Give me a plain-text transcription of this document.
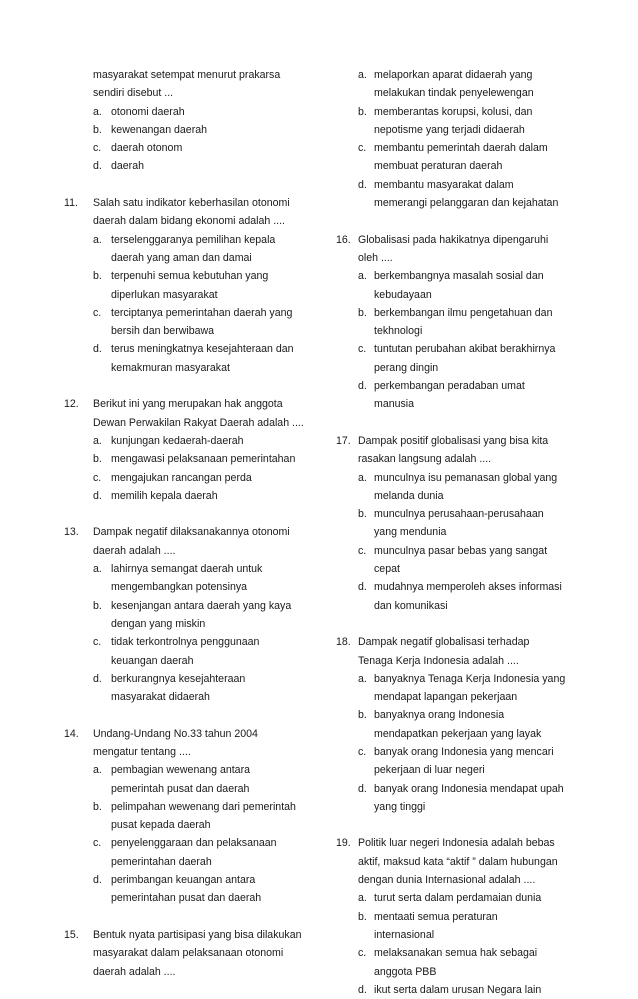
masyarakat setempat menurut prakarsa
sendiri disebut ...
a. otonomi daerah
b. kewenangan daerah
c. daerah otonom
d. daerah
11. Salah satu indikator keberhasilan otonomi
daerah dalam bidang ekonomi adalah ....
a. terselenggaranya pemilihan kepala
daerah yang aman dan damai
b. terpenuhi semua kebutuhan yang
diperlukan masyarakat
c. terciptanya pemerintahan daerah yang
bersih dan berwibawa
d. terus meningkatnya kesejahteraan dan
kemakmuran masyarakat
12. Berikut ini yang merupakan hak anggota
Dewan Perwakilan Rakyat Daerah adalah ....
a. kunjungan kedaerah-daerah
b. mengawasi pelaksanaan pemerintahan
c. mengajukan rancangan perda
d. memilih kepala daerah
13. Dampak negatif dilaksanakannya otonomi
daerah adalah ....
a. lahirnya semangat daerah untuk
mengembangkan potensinya
b. kesenjangan antara daerah yang kaya
dengan yang miskin
c. tidak terkontrolnya penggunaan
keuangan daerah
d. berkurangnya kesejahteraan
masyarakat didaerah
14. Undang-Undang No.33 tahun 2004
mengatur tentang ....
a. pembagian wewenang antara
pemerintah pusat dan daerah
b. pelimpahan wewenang dari pemerintah
pusat kepada daerah
c. penyelenggaraan dan pelaksanaan
pemerintahan daerah
d. perimbangan keuangan antara
pemerintahan pusat dan daerah
15. Bentuk nyata partisipasi yang bisa dilakukan
masyarakat dalam pelaksanaan otonomi
daerah adalah ....
a. melaporkan aparat didaerah yang
melakukan tindak penyelewengan
b. memberantas korupsi, kolusi, dan
nepotisme yang terjadi didaerah
c. membantu pemerintah daerah dalam
membuat peraturan daerah
d. membantu masyarakat dalam
memerangi pelanggaran dan kejahatan
16. Globalisasi pada hakikatnya dipengaruhi
oleh ....
a. berkembangnya masalah sosial dan
kebudayaan
b. berkembangan ilmu pengetahuan dan
tekhnologi
c. tuntutan perubahan akibat berakhirnya
perang dingin
d. perkembangan peradaban umat
manusia
17. Dampak positif globalisasi yang bisa kita
rasakan langsung adalah ....
a. munculnya isu pemanasan global yang
melanda dunia
b. munculnya perusahaan-perusahaan
yang mendunia
c. munculnya pasar bebas yang sangat
cepat
d. mudahnya memperoleh akses informasi
dan komunikasi
18. Dampak negatif globalisasi terhadap
Tenaga Kerja Indonesia adalah ....
a. banyaknya Tenaga Kerja Indonesia yang
mendapat lapangan pekerjaan
b. banyaknya orang Indonesia
mendapatkan pekerjaan yang layak
c. banyak orang Indonesia yang mencari
pekerjaan di luar negeri
d. banyak orang Indonesia mendapat upah
yang tinggi
19. Politik luar negeri Indonesia adalah bebas
aktif, maksud kata “aktif ” dalam hubungan
dengan dunia Internasional adalah ....
a. turut serta dalam perdamaian dunia
b. mentaati semua peraturan
internasional
c. melaksanakan semua hak sebagai
anggota PBB
d. ikut serta dalam urusan Negara lain
